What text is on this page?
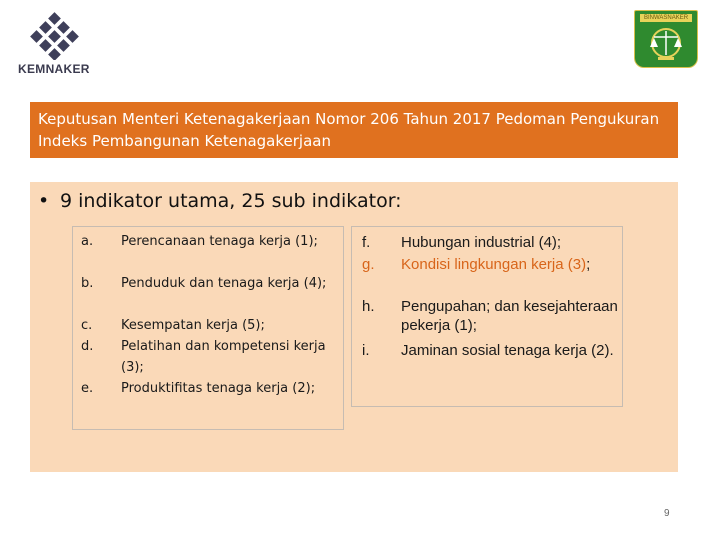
KEMNAKER
BINWASNAKER
Keputusan Menteri Ketenagakerjaan Nomor 206 Tahun 2017 Pedoman Pengukuran Indeks Pembangunan Ketenagakerjaan
• 9 indikator utama, 25 sub indikator:
a. Perencanaan tenaga kerja (1);
b. Penduduk dan tenaga kerja (4);
c. Kesempatan kerja (5);
d. Pelatihan dan kompetensi kerja (3);
e. Produktifitas tenaga kerja (2);
f. Hubungan industrial (4);
g. Kondisi lingkungan kerja (3);
h. Pengupahan; dan kesejahteraan pekerja (1);
i. Jaminan sosial tenaga kerja (2).
9
